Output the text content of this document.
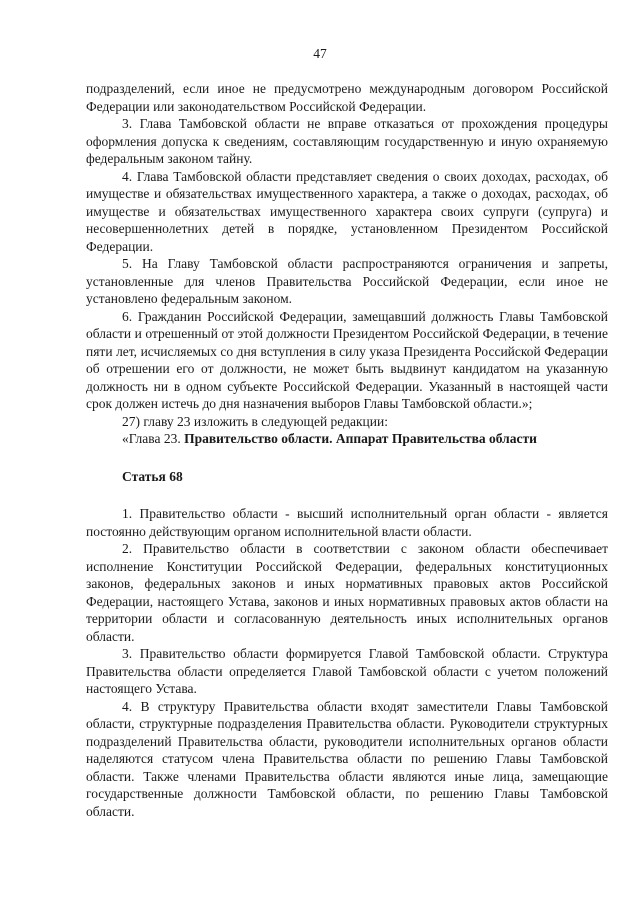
47

подразделений, если иное не предусмотрено международным договором Российской Федерации или законодательством Российской Федерации.

3. Глава Тамбовской области не вправе отказаться от прохождения процедуры оформления допуска к сведениям, составляющим государственную и иную охраняемую федеральным законом тайну.

4. Глава Тамбовской области представляет сведения о своих доходах, расходах, об имуществе и обязательствах имущественного характера, а также о доходах, расходах, об имуществе и обязательствах имущественного характера своих супруги (супруга) и несовершеннолетних детей в порядке, установленном Президентом Российской Федерации.

5. На Главу Тамбовской области распространяются ограничения и запреты, установленные для членов Правительства Российской Федерации, если иное не установлено федеральным законом.

6. Гражданин Российской Федерации, замещавший должность Главы Тамбовской области и отрешенный от этой должности Президентом Российской Федерации, в течение пяти лет, исчисляемых со дня вступления в силу указа Президента Российской Федерации об отрешении его от должности, не может быть выдвинут кандидатом на указанную должность ни в одном субъекте Российской Федерации. Указанный в настоящей части срок должен истечь до дня назначения выборов Главы Тамбовской области.»;

27) главу 23 изложить в следующей редакции:

«Глава 23. Правительство области. Аппарат Правительства области

Статья 68

1. Правительство области - высший исполнительный орган области - является постоянно действующим органом исполнительной власти области.

2. Правительство области в соответствии с законом области обеспечивает исполнение Конституции Российской Федерации, федеральных конституционных законов, федеральных законов и иных нормативных правовых актов Российской Федерации, настоящего Устава, законов и иных нормативных правовых актов области на территории области и согласованную деятельность иных исполнительных органов области.

3. Правительство области формируется Главой Тамбовской области. Структура Правительства области определяется Главой Тамбовской области с учетом положений настоящего Устава.

4. В структуру Правительства области входят заместители Главы Тамбовской области, структурные подразделения Правительства области. Руководители структурных подразделений Правительства области, руководители исполнительных органов области наделяются статусом члена Правительства области по решению Главы Тамбовской области. Также членами Правительства области являются иные лица, замещающие государственные должности Тамбовской области, по решению Главы Тамбовской области.
